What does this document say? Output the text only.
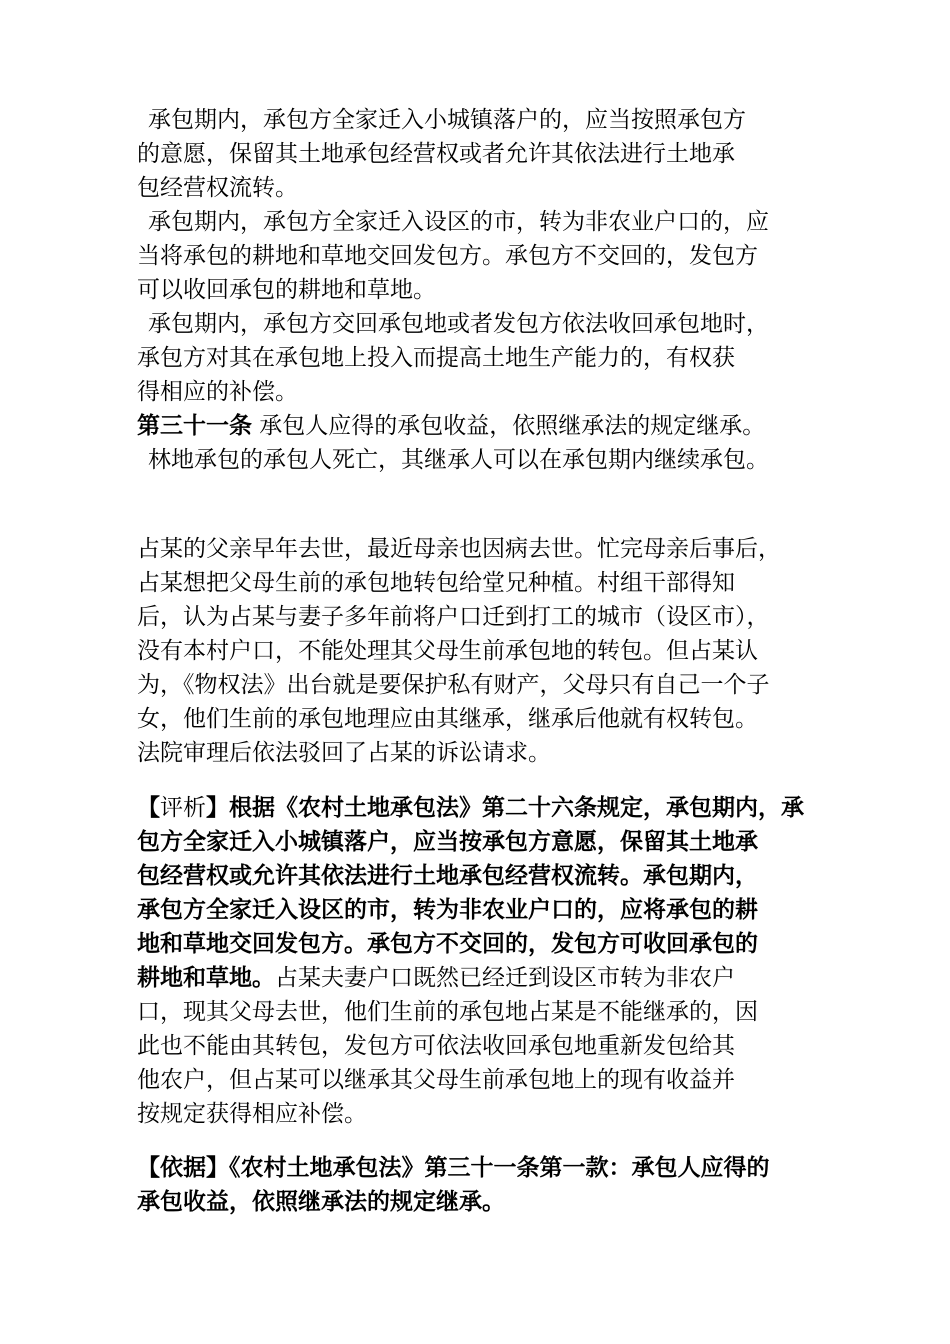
承包期内，承包方全家迁入小城镇落户的，应当按照承包方
的意愿，保留其土地承包经营权或者允许其依法进行土地承
包经营权流转。
承包期内，承包方全家迁入设区的市，转为非农业户口的，应
当将承包的耕地和草地交回发包方。承包方不交回的，发包方
可以收回承包的耕地和草地。
承包期内，承包方交回承包地或者发包方依法收回承包地时，
承包方对其在承包地上投入而提高土地生产能力的，有权获
得相应的补偿。
第三十一条 承包人应得的承包收益，依照继承法的规定继承。
林地承包的承包人死亡，其继承人可以在承包期内继续承包。
占某的父亲早年去世，最近母亲也因病去世。忙完母亲后事后，
占某想把父母生前的承包地转包给堂兄种植。村组干部得知
后，认为占某与妻子多年前将户口迁到打工的城市（设区市），
没有本村户口，不能处理其父母生前承包地的转包。但占某认
为，《物权法》出台就是要保护私有财产，父母只有自己一个子
女，他们生前的承包地理应由其继承，继承后他就有权转包。
法院审理后依法驳回了占某的诉讼请求。
【评析】根据《农村土地承包法》第二十六条规定，承包期内，承
包方全家迁入小城镇落户，应当按承包方意愿，保留其土地承
包经营权或允许其依法进行土地承包经营权流转。承包期内，
承包方全家迁入设区的市，转为非农业户口的，应将承包的耕
地和草地交回发包方。承包方不交回的，发包方可收回承包的
耕地和草地。占某夫妻户口既然已经迁到设区市转为非农户
口，现其父母去世，他们生前的承包地占某是不能继承的，因
此也不能由其转包，发包方可依法收回承包地重新发包给其
他农户，但占某可以继承其父母生前承包地上的现有收益并
按规定获得相应补偿。
【依据】《农村土地承包法》第三十一条第一款：承包人应得的
承包收益，依照继承法的规定继承。
